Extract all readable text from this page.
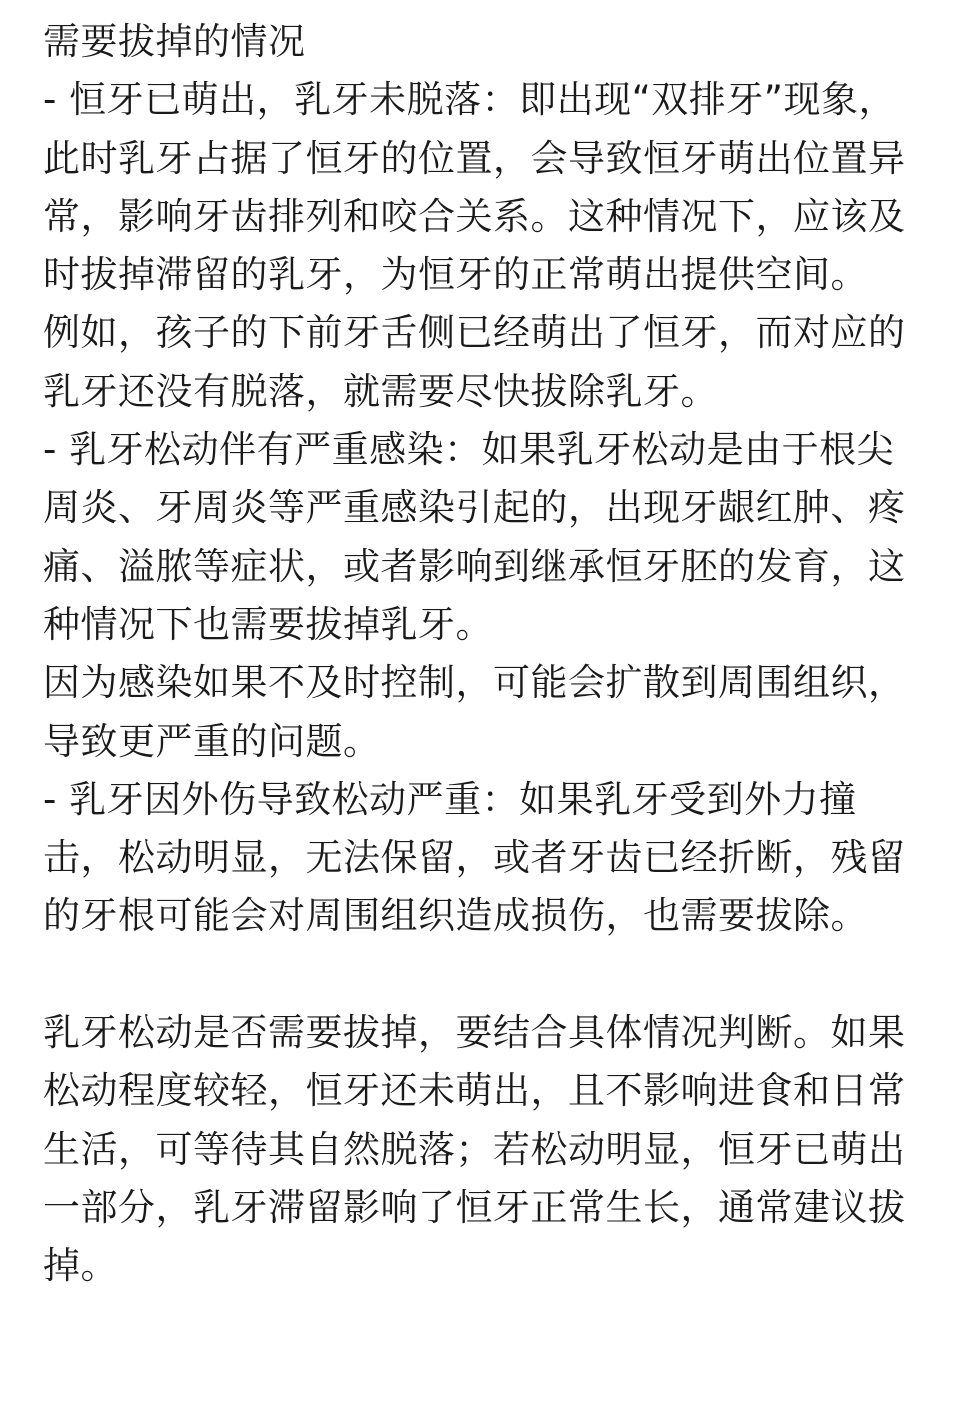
需要拔掉的情况

- 恒牙已萌出，乳牙未脱落：即出现“双排牙”现象，此时乳牙占据了恒牙的位置，会导致恒牙萌出位置异常，影响牙齿排列和咬合关系。这种情况下，应该及时拔掉滞留的乳牙，为恒牙的正常萌出提供空间。

例如，孩子的下前牙舌侧已经萌出了恒牙，而对应的乳牙还没有脱落，就需要尽快拔除乳牙。

- 乳牙松动伴有严重感染：如果乳牙松动是由于根尖周炎、牙周炎等严重感染引起的，出现牙龈红肿、疼痛、溢脓等症状，或者影响到继承恒牙胚的发育，这种情况下也需要拔掉乳牙。

因为感染如果不及时控制，可能会扩散到周围组织，导致更严重的问题。

- 乳牙因外伤导致松动严重：如果乳牙受到外力撞击，松动明显，无法保留，或者牙齿已经折断，残留的牙根可能会对周围组织造成损伤，也需要拔除。

乳牙松动是否需要拔掉，要结合具体情况判断。如果松动程度较轻，恒牙还未萌出，且不影响进食和日常生活，可等待其自然脱落；若松动明显，恒牙已萌出一部分，乳牙滞留影响了恒牙正常生长，通常建议拔掉。
